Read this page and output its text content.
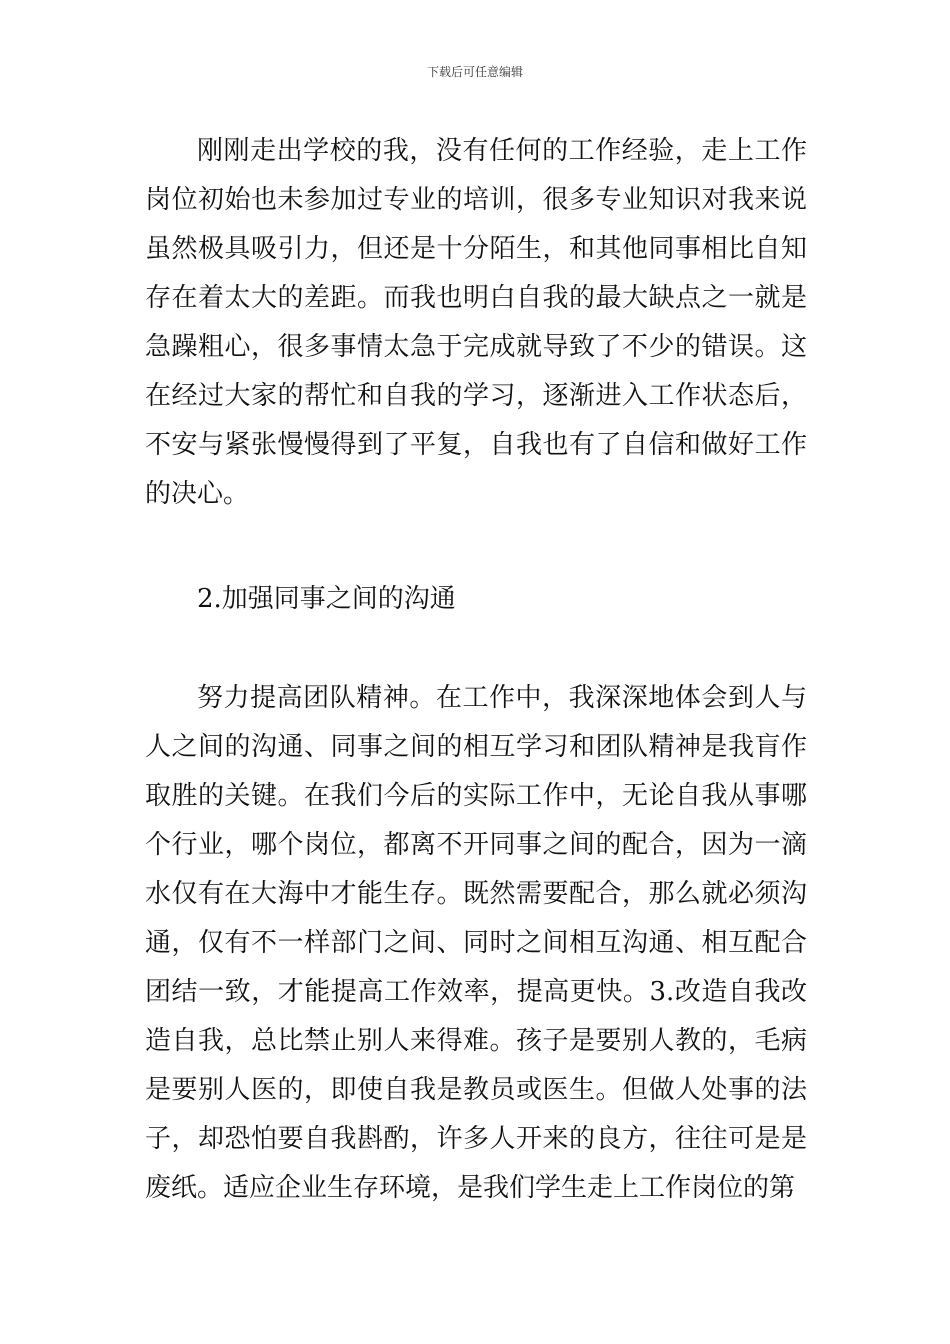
下载后可任意编辑

刚刚走出学校的我，没有任何的工作经验，走上工作岗位初始也未参加过专业的培训，很多专业知识对我来说虽然极具吸引力，但还是十分陌生，和其他同事相比自知存在着太大的差距。而我也明白自我的最大缺点之一就是急躁粗心，很多事情太急于完成就导致了不少的错误。这在经过大家的帮忙和自我的学习，逐渐进入工作状态后，不安与紧张慢慢得到了平复，自我也有了自信和做好工作的决心。

2.加强同事之间的沟通

努力提高团队精神。在工作中，我深深地体会到人与人之间的沟通、同事之间的相互学习和团队精神是我肓作取胜的关键。在我们今后的实际工作中，无论自我从事哪个行业，哪个岗位，都离不开同事之间的配合，因为一滴水仅有在大海中才能生存。既然需要配合，那么就必须沟通，仅有不一样部门之间、同时之间相互沟通、相互配合团结一致，才能提高工作效率，提高更快。3.改造自我改造自我，总比禁止别人来得难。孩子是要别人教的，毛病是要别人医的，即使自我是教员或医生。但做人处事的法子，却恐怕要自我斟酌，许多人开来的良方，往往可是是废纸。适应企业生存环境，是我们学生走上工作岗位的第
